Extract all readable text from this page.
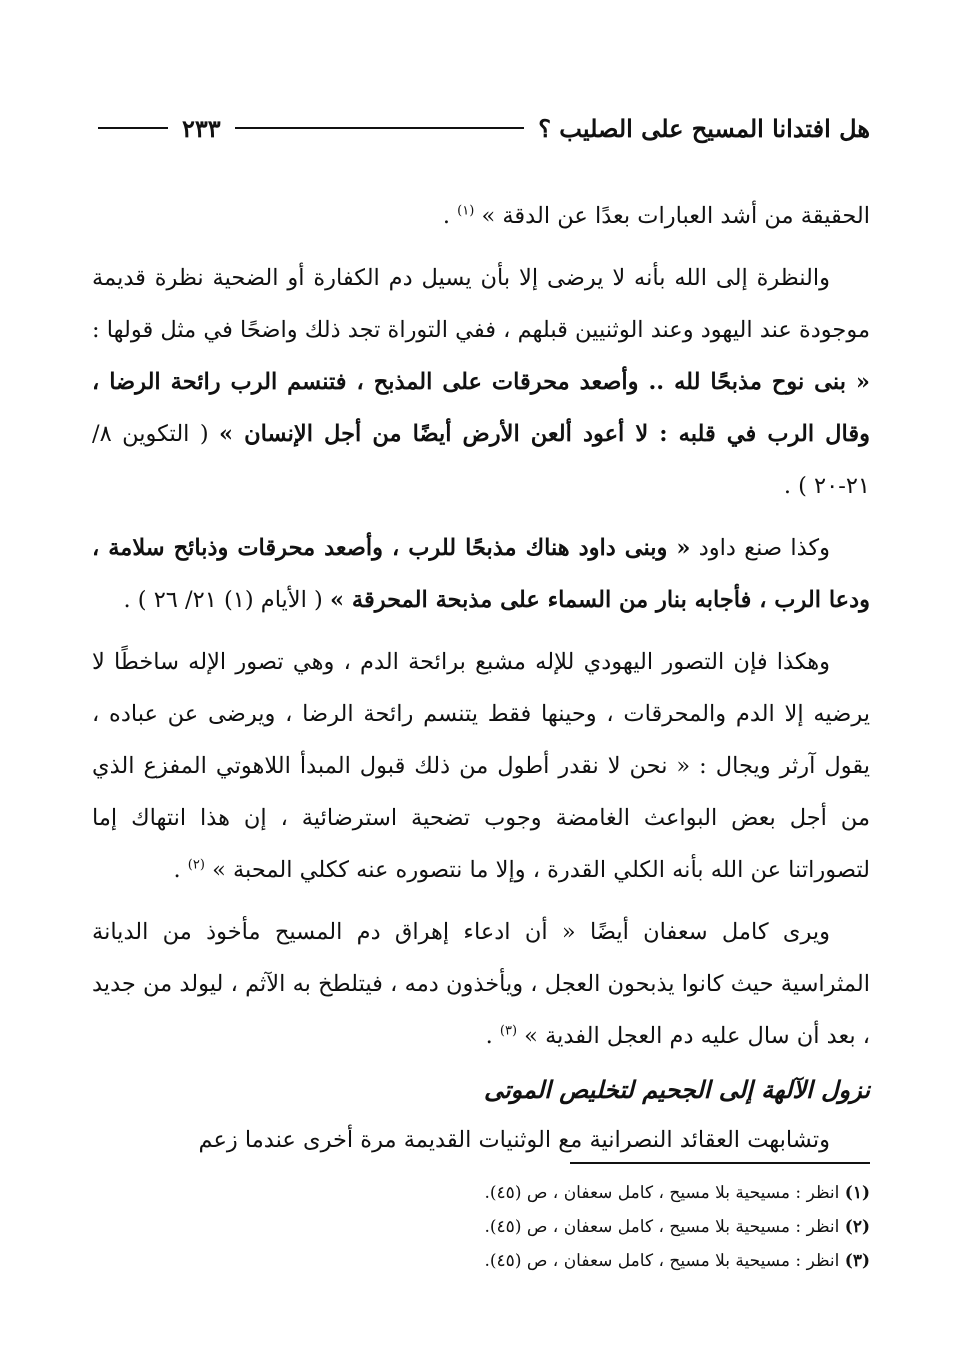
هل افتدانا المسيح على الصليب ؟
٢٣٣

الحقيقة من أشد العبارات بعدًا عن الدقة » $^{(١)}$ .

والنظرة إلى الله بأنه لا يرضى إلا بأن يسيل دم الكفارة أو الضحية نظرة قديمة موجودة عند اليهود وعند الوثنيين قبلهم ، ففي التوراة تجد ذلك واضحًا في مثل قولها : « بنى نوح مذبحًا لله .. وأصعد محرقات على المذبح ، فتنسم الرب رائحة الرضا ، وقال الرب في قلبه : لا أعود ألعن الأرض أيضًا من أجل الإنسان » ( التكوين ٨/ ٢١-٢٠ ) .

وكذا صنع داود « وبنى داود هناك مذبحًا للرب ، وأصعد محرقات وذبائح سلامة ، ودعا الرب ، فأجابه بنار من السماء على مذبحة المحرقة » ( الأيام (١) ٢١/ ٢٦ ) .

وهكذا فإن التصور اليهودي للإله مشبع برائحة الدم ، وهي تصور الإله ساخطًا لا يرضيه إلا الدم والمحرقات ، وحينها فقط يتنسم رائحة الرضا ، ويرضى عن عباده ، يقول آرثر ويجال : « نحن لا نقدر أطول من ذلك قبول المبدأ اللاهوتي المفزع الذي من أجل بعض البواعث الغامضة وجوب تضحية استرضائية ، إن هذا انتهاك إما لتصوراتنا عن الله بأنه الكلي القدرة ، وإلا ما نتصوره عنه ككلي المحبة » $^{(٢)}$ .

ويرى كامل سعفان أيضًا « أن ادعاء إهراق دم المسيح مأخوذ من الديانة المثراسية حيث كانوا يذبحون العجل ، ويأخذون دمه ، فيتلطخ به الآثم ، ليولد من جديد ، بعد أن سال عليه دم العجل الفدية » $^{(٣)}$ .

نزول الآلهة إلى الجحيم لتخليص الموتى

وتشابهت العقائد النصرانية مع الوثنيات القديمة مرة أخرى عندما زعم

(١) انظر : مسيحية بلا مسيح ، كامل سعفان ، ص (٤٥).
(٢) انظر : مسيحية بلا مسيح ، كامل سعفان ، ص (٤٥).
(٣) انظر : مسيحية بلا مسيح ، كامل سعفان ، ص (٤٥).
